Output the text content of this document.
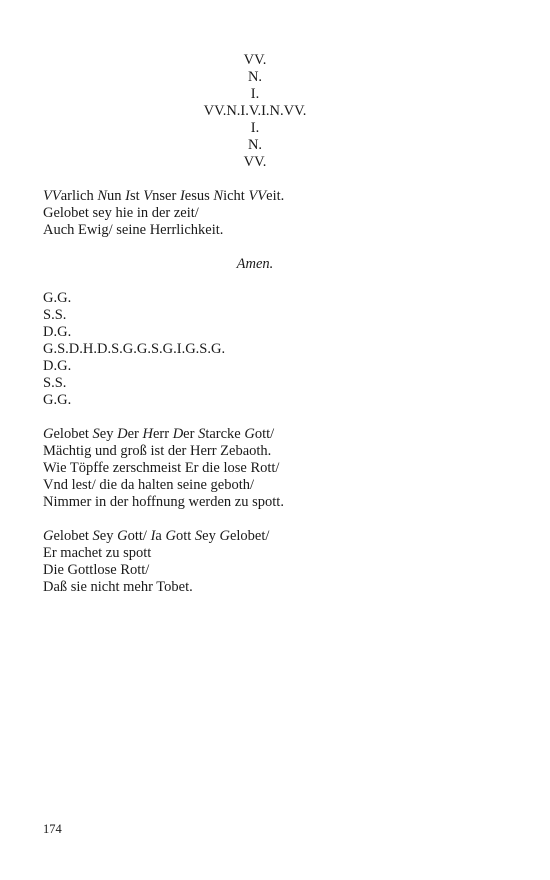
VV.
N.
I.
VV.N.I.V.I.N.VV.
I.
N.
VV.
VVarlich Nun Ist Vnser Iesus Nicht VVeit.
Gelobet sey hie in der zeit/
Auch Ewig/ seine Herrlichkeit.
Amen.
G.G.
S.S.
D.G.
G.S.D.H.D.S.G.G.S.G.I.G.S.G.
D.G.
S.S.
G.G.
Gelobet Sey Der Herr Der Starcke Gott/
Mächtig und groß ist der Herr Zebaoth.
Wie Töpffe zerschmeist Er die lose Rott/
Vnd lest/ die da halten seine geboth/
Nimmer in der hoffnung werden zu spott.
Gelobet Sey Gott/ Ia Gott Sey Gelobet/
Er machet zu spott
Die Gottlose Rott/
Daß sie nicht mehr Tobet.
174
